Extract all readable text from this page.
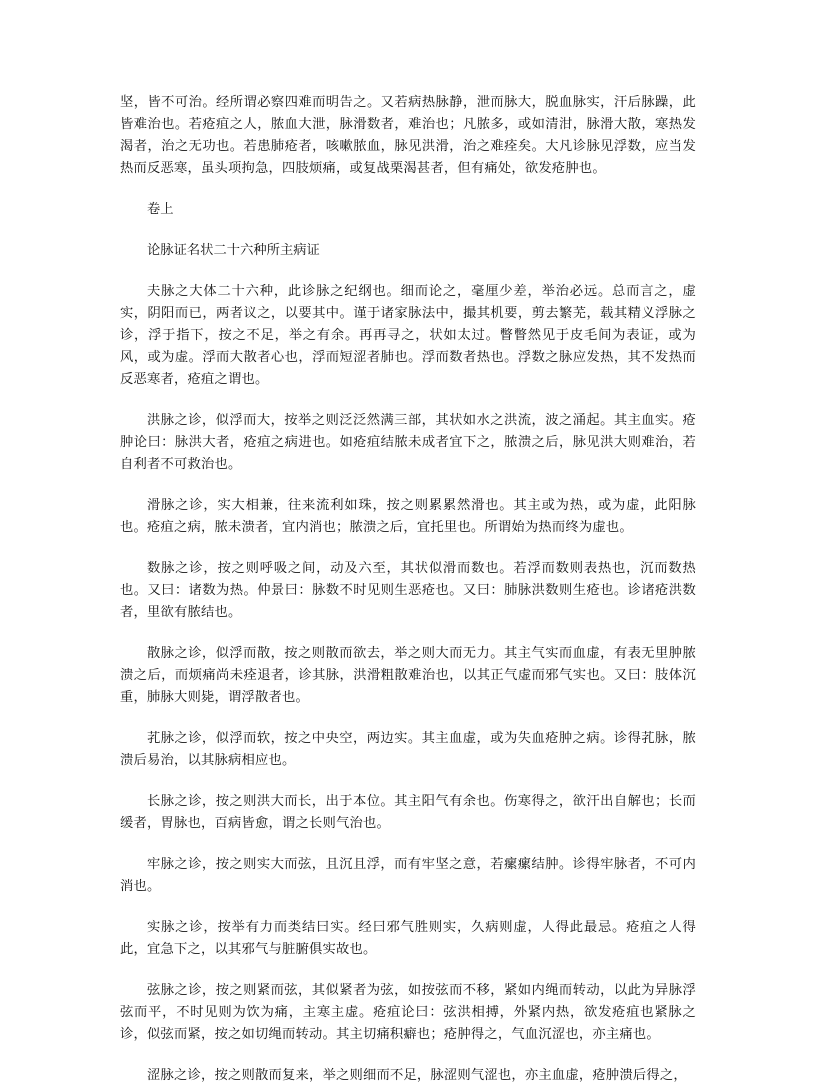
坚，皆不可治。经所谓必察四难而明告之。又若病热脉静，泄而脉大，脱血脉实，汗后脉躁，此皆难治也。若疮疽之人，脓血大泄，脉滑数者，难治也；凡脓多，或如清泔，脉滑大散，寒热发渴者，治之无功也。若患肺疮者，咳嗽脓血，脉见洪滑，治之难痊矣。大凡诊脉见浮数，应当发热而反恶寒，虽头项拘急，四肢烦痛，或复战栗渴甚者，但有痛处，欲发疮肿也。

卷上

论脉证名状二十六种所主病证

夫脉之大体二十六种，此诊脉之纪纲也。细而论之，毫厘少差，举治必远。总而言之，虚实，阴阳而已，两者议之，以要其中。谨于诸家脉法中，撮其机要，剪去繁芜，载其精义浮脉之诊，浮于指下，按之不足，举之有余。再再寻之，状如太过。瞥瞥然见于皮毛间为表证，或为风，或为虚。浮而大散者心也，浮而短涩者肺也。浮而数者热也。浮数之脉应发热，其不发热而反恶寒者，疮疽之谓也。

洪脉之诊，似浮而大，按举之则泛泛然满三部，其状如水之洪流，波之涌起。其主血实。疮肿论曰：脉洪大者，疮疽之病进也。如疮疽结脓未成者宜下之，脓溃之后，脉见洪大则难治，若自利者不可救治也。

滑脉之诊，实大相兼，往来流利如珠，按之则累累然滑也。其主或为热，或为虚，此阳脉也。疮疽之病，脓未溃者，宜内消也；脓溃之后，宜托里也。所谓始为热而终为虚也。

数脉之诊，按之则呼吸之间，动及六至，其状似滑而数也。若浮而数则表热也，沉而数热也。又曰：诸数为热。仲景曰：脉数不时见则生恶疮也。又曰：肺脉洪数则生疮也。诊诸疮洪数者，里欲有脓结也。

散脉之诊，似浮而散，按之则散而欲去，举之则大而无力。其主气实而血虚，有表无里肿脓溃之后，而烦痛尚未痊退者，诊其脉，洪滑粗散难治也，以其正气虚而邪气实也。又曰：肢体沉重，肺脉大则毙，谓浮散者也。

芤脉之诊，似浮而软，按之中央空，两边实。其主血虚，或为失血疮肿之病。诊得芤脉，脓溃后易治，以其脉病相应也。

长脉之诊，按之则洪大而长，出于本位。其主阳气有余也。伤寒得之，欲汗出自解也；长而缓者，胃脉也，百病皆愈，谓之长则气治也。

牢脉之诊，按之则实大而弦，且沉且浮，而有牢坚之意，若瘰瘰结肿。诊得牢脉者，不可内消也。

实脉之诊，按举有力而类结曰实。经曰邪气胜则实，久病则虚，人得此最忌。疮疽之人得此，宜急下之，以其邪气与脏腑俱实故也。

弦脉之诊，按之则紧而弦，其似紧者为弦，如按弦而不移，紧如内绳而转动，以此为异脉浮弦而平，不时见则为饮为痛，主寒主虚。疮疽论曰：弦洪相搏，外紧内热，欲发疮疽也紧脉之诊，似弦而紧，按之如切绳而转动。其主切痛积癖也；疮肿得之，气血沉涩也，亦主痛也。

涩脉之诊，按之则散而复来，举之则细而不足，脉涩则气涩也，亦主血虚，疮肿溃后得之，
